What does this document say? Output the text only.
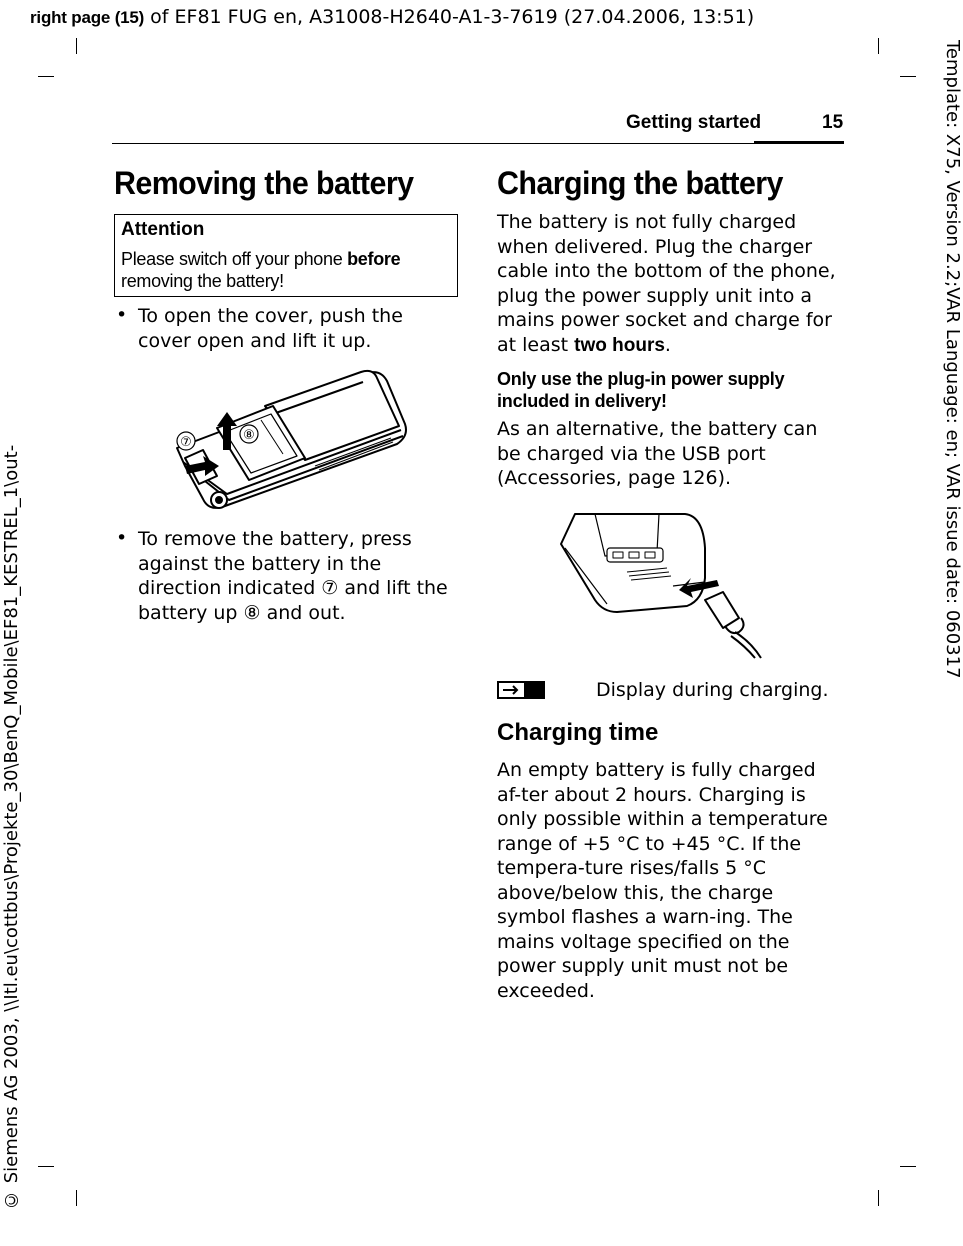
right page (15) of EF81 FUG en, A31008-H2640-A1-3-7619 (27.04.2006, 13:51)
Template: X75, Version 2.2;VAR Language: en; VAR issue date: 060317
© Siemens AG 2003, \\Itl.eu\cottbus\Projekte_30\BenQ_Mobile\EF81_KESTREL_1\out-
Getting started	15
Removing the battery
Attention
Please switch off your phone before removing the battery!
• To open the cover, push the cover open and lift it up.
⑦	⑧
• To remove the battery, press against the battery in the direction indicated ⑦ and lift the battery up ⑧ and out.
Charging the battery
The battery is not fully charged when delivered. Plug the charger cable into the bottom of the phone, plug the power supply unit into a mains power socket and charge for at least two hours.
Only use the plug-in power supply included in delivery!
As an alternative, the battery can be charged via the USB port (Accessories, page 126).
Display during charging.
Charging time
An empty battery is fully charged af-ter about 2 hours. Charging is only possible within a temperature range of +5 °C to +45 °C. If the tempera-ture rises/falls 5 °C above/below this, the charge symbol flashes a warn-ing. The mains voltage specified on the power supply unit must not be exceeded.
